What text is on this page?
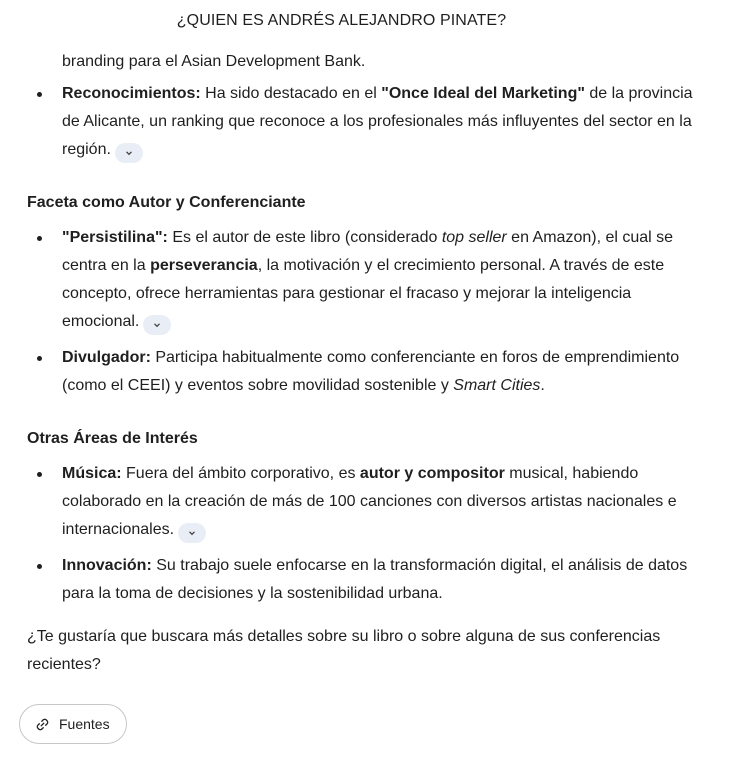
¿QUIEN ES ANDRÉS ALEJANDRO PINATE?
branding para el Asian Development Bank.
Reconocimientos: Ha sido destacado en el "Once Ideal del Marketing" de la provincia de Alicante, un ranking que reconoce a los profesionales más influyentes del sector en la región.
Faceta como Autor y Conferenciante
"Persistilina": Es el autor de este libro (considerado top seller en Amazon), el cual se centra en la perseverancia, la motivación y el crecimiento personal. A través de este concepto, ofrece herramientas para gestionar el fracaso y mejorar la inteligencia emocional.
Divulgador: Participa habitualmente como conferenciante en foros de emprendimiento (como el CEEI) y eventos sobre movilidad sostenible y Smart Cities.
Otras Áreas de Interés
Música: Fuera del ámbito corporativo, es autor y compositor musical, habiendo colaborado en la creación de más de 100 canciones con diversos artistas nacionales e internacionales.
Innovación: Su trabajo suele enfocarse en la transformación digital, el análisis de datos para la toma de decisiones y la sostenibilidad urbana.
¿Te gustaría que buscara más detalles sobre su libro o sobre alguna de sus conferencias recientes?
Fuentes
